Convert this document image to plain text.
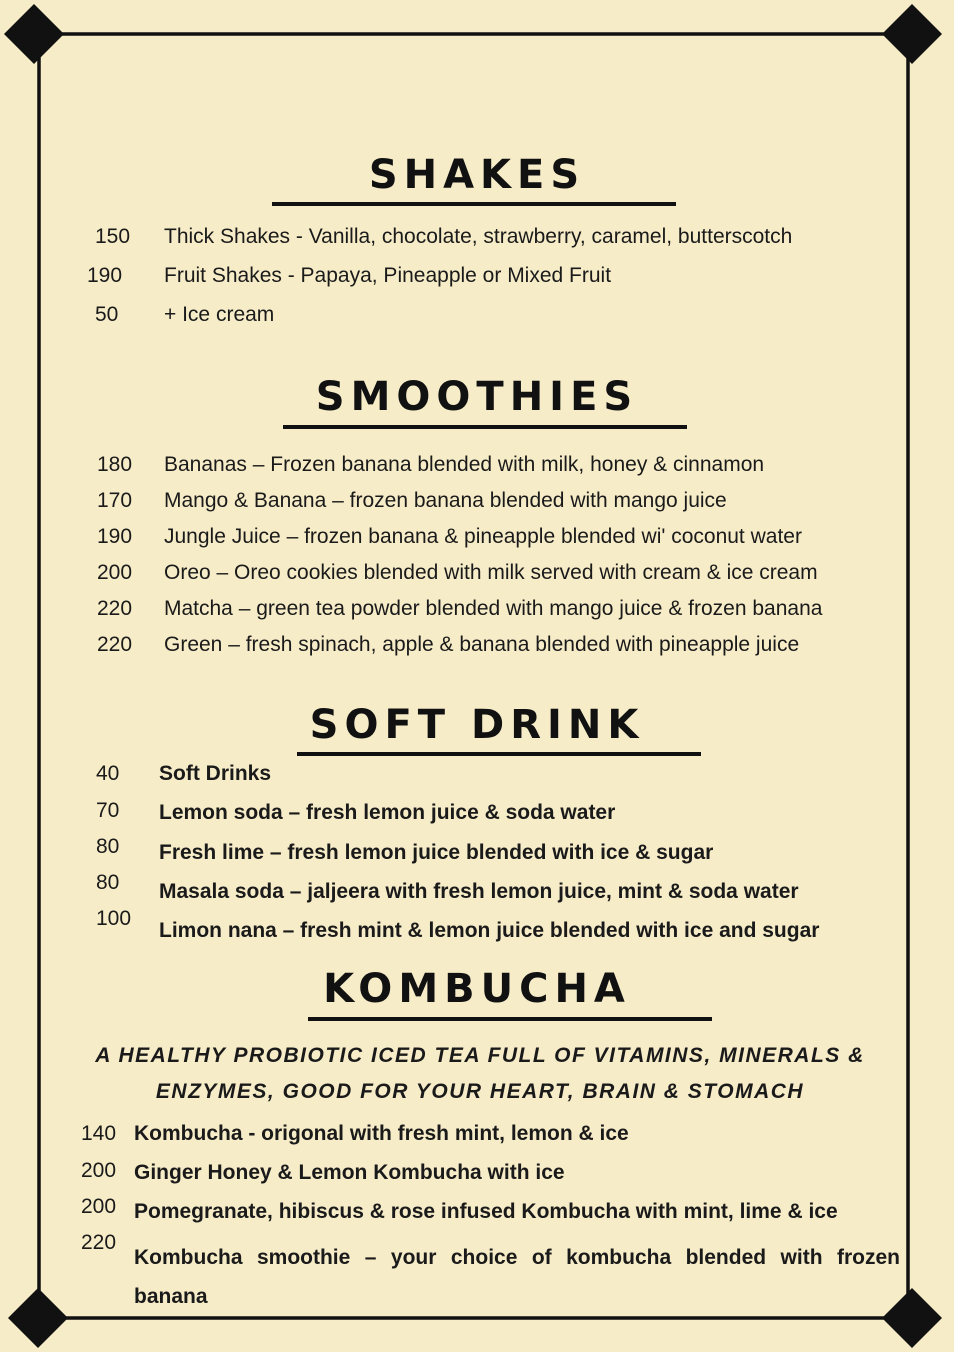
SHAKES
150 Thick Shakes - Vanilla, chocolate, strawberry, caramel, butterscotch
190 Fruit Shakes - Papaya, Pineapple or Mixed Fruit
50 + Ice cream
SMOOTHIES
180 Bananas – Frozen banana blended with milk, honey & cinnamon
170 Mango & Banana – frozen banana blended with mango juice
190 Jungle Juice – frozen banana & pineapple blended wi' coconut water
200 Oreo – Oreo cookies blended with milk served with cream & ice cream
220 Matcha – green tea powder blended with mango juice & frozen banana
220 Green – fresh spinach, apple & banana blended with pineapple juice
SOFT DRINK
40 Soft Drinks
70 Lemon soda – fresh lemon juice & soda water
80 Fresh lime – fresh lemon juice blended with ice & sugar
80 Masala soda – jaljeera with fresh lemon juice, mint & soda water
100
Limon nana – fresh mint & lemon juice blended with ice and sugar
KOMBUCHA
A HEALTHY PROBIOTIC ICED TEA FULL OF VITAMINS, MINERALS &
ENZYMES, GOOD FOR YOUR HEART, BRAIN & STOMACH
140 Kombucha - origonal with fresh mint, lemon & ice
200 Ginger Honey & Lemon Kombucha with ice
200 Pomegranate, hibiscus & rose infused Kombucha with mint, lime & ice
220
Kombucha smoothie – your choice of kombucha blended with frozen banana
